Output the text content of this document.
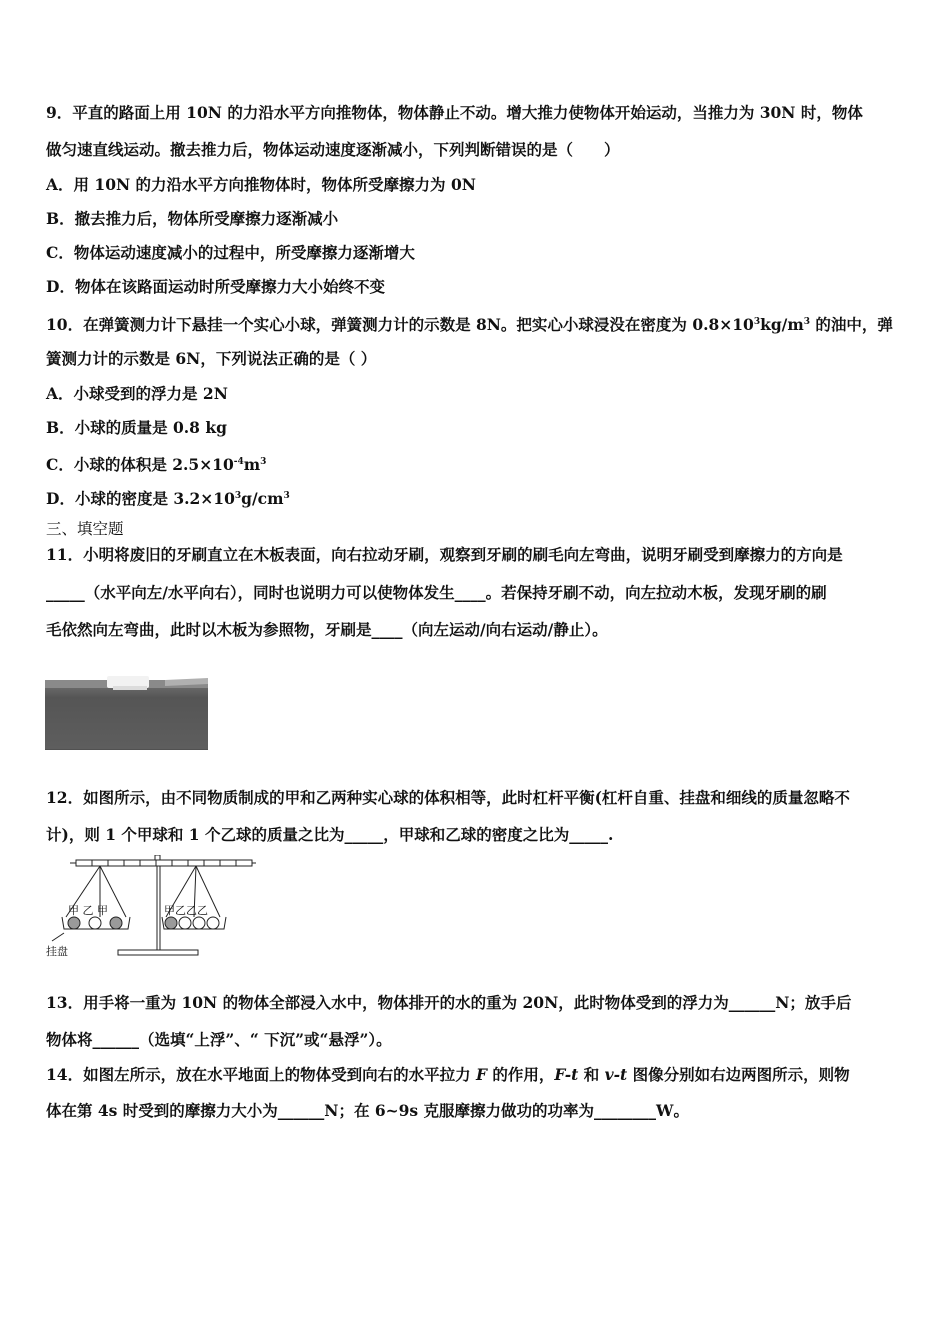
9．平直的路面上用 10N 的力沿水平方向推物体，物体静止不动。增大推力使物体开始运动，当推力为 30N 时，物体
做匀速直线运动。撤去推力后，物体运动速度逐渐减小，下列判断错误的是（　　）
A．用 10N 的力沿水平方向推物体时，物体所受摩擦力为 0N
B．撤去推力后，物体所受摩擦力逐渐减小
C．物体运动速度减小的过程中，所受摩擦力逐渐增大
D．物体在该路面运动时所受摩擦力大小始终不变
10．在弹簧测力计下悬挂一个实心小球，弹簧测力计的示数是 8N。把实心小球浸没在密度为 $0.8\times 10^3kg/m^3$ 的油中，弹
簧测力计的示数是 6N，下列说法正确的是（ ）
A．小球受到的浮力是 2N
B．小球的质量是 0.8 kg
C．小球的体积是 $2.5\times 10^{-4}m^3$
D．小球的密度是 $3.2\times 10^3g/cm^3$
三、填空题
11．小明将废旧的牙刷直立在木板表面，向右拉动牙刷，观察到牙刷的刷毛向左弯曲，说明牙刷受到摩擦力的方向是
_____（水平向左/水平向右），同时也说明力可以使物体发生____。若保持牙刷不动，向左拉动木板，发现牙刷的刷
毛依然向左弯曲，此时以木板为参照物，牙刷是____（向左运动/向右运动/静止）。
12．如图所示，由不同物质制成的甲和乙两种实心球的体积相等，此时杠杆平衡(杠杆自重、挂盘和细线的质量忽略不
计)，则 1 个甲球和 1 个乙球的质量之比为_____，甲球和乙球的密度之比为_____.
甲 乙 甲	甲乙乙乙
挂盘
13．用手将一重为 10N 的物体全部浸入水中，物体排开的水的重为 20N，此时物体受到的浮力为______N；放手后
物体将______（选填“上浮”、“ 下沉”或“悬浮”）。
14．如图左所示，放在水平地面上的物体受到向右的水平拉力 F 的作用，F-t 和 v-t 图像分别如右边两图所示，则物
体在第 4s 时受到的摩擦力大小为______N；在 6~9s 克服摩擦力做功的功率为________W。
